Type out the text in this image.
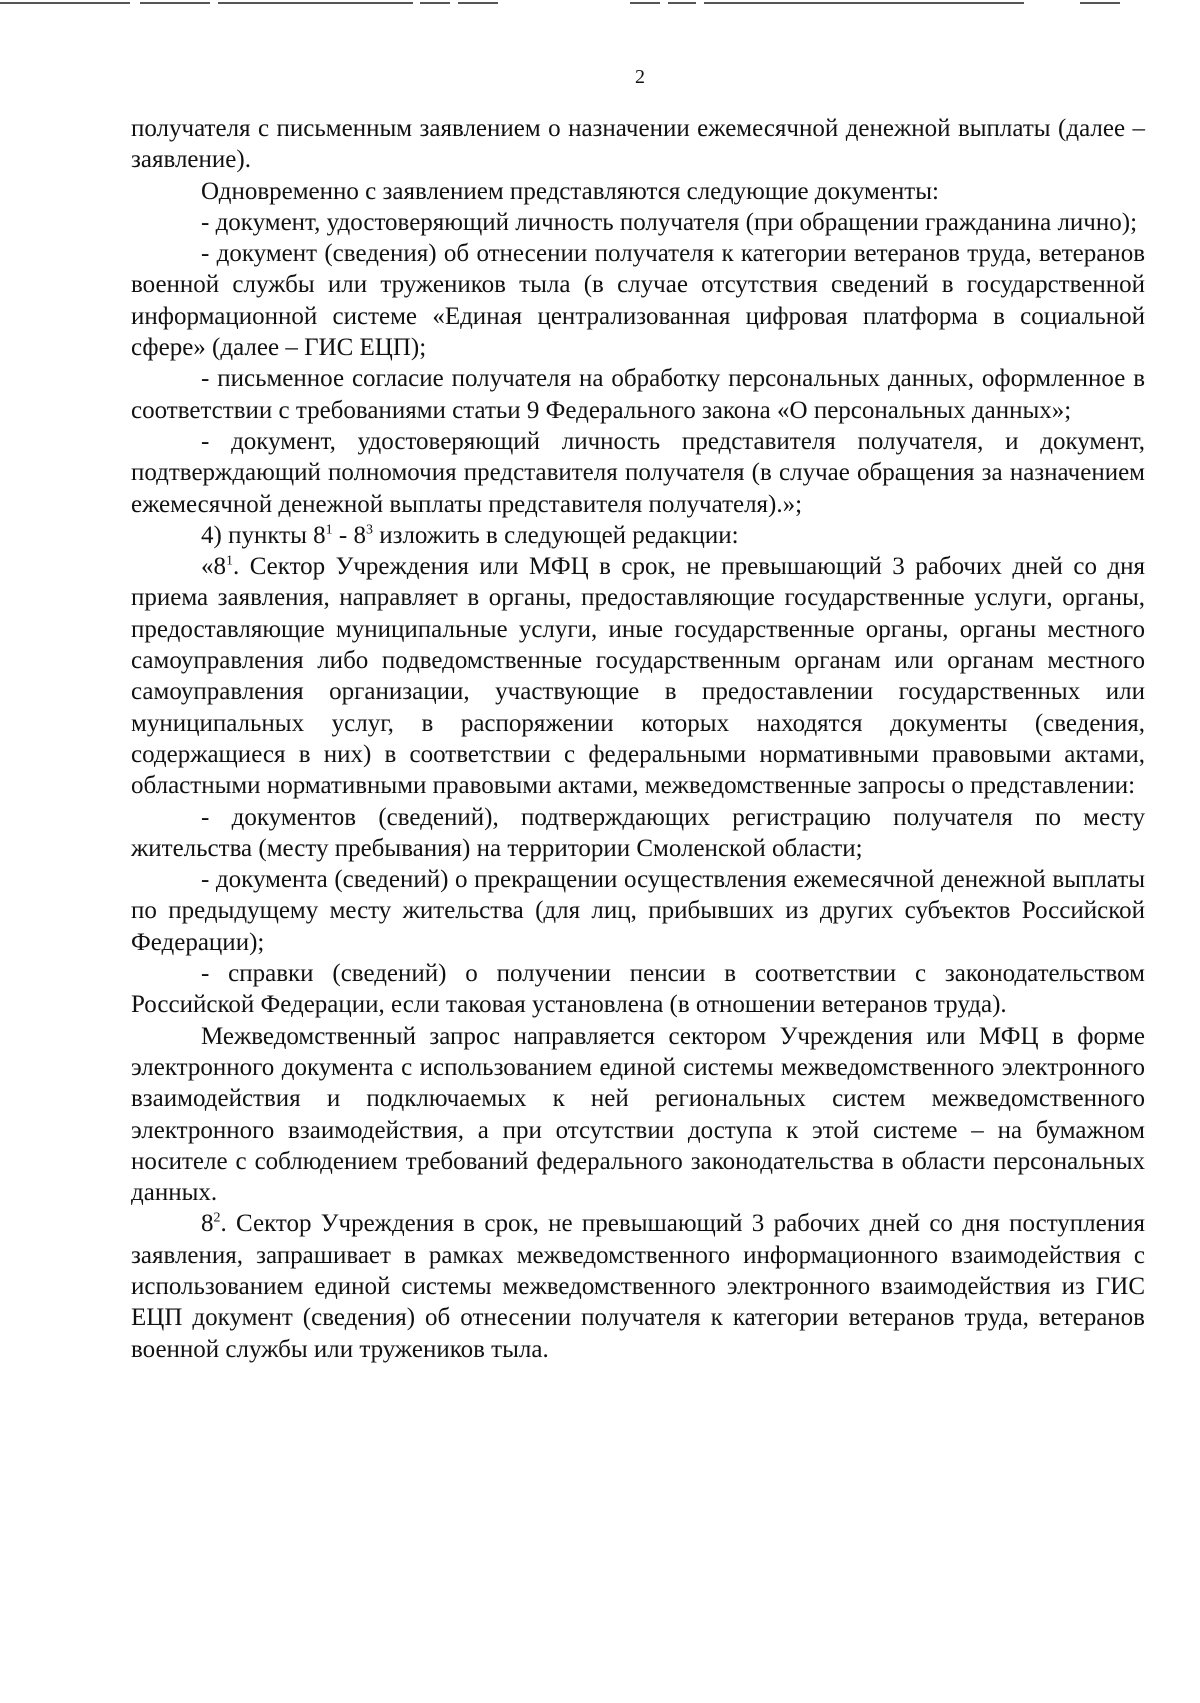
2

получателя с письменным заявлением о назначении ежемесячной денежной выплаты (далее – заявление).

Одновременно с заявлением представляются следующие документы:

- документ, удостоверяющий личность получателя (при обращении гражданина лично);

- документ (сведения) об отнесении получателя к категории ветеранов труда, ветеранов военной службы или тружеников тыла (в случае отсутствия сведений в государственной информационной системе «Единая централизованная цифровая платформа в социальной сфере» (далее – ГИС ЕЦП);

- письменное согласие получателя на обработку персональных данных, оформленное в соответствии с требованиями статьи 9 Федерального закона «О персональных данных»;

- документ, удостоверяющий личность представителя получателя, и документ, подтверждающий полномочия представителя получателя (в случае обращения за назначением ежемесячной денежной выплаты представителя получателя).»;

4) пункты $8^1 - 8^3$ изложить в следующей редакции:

«$8^1$. Сектор Учреждения или МФЦ в срок, не превышающий 3 рабочих дней со дня приема заявления, направляет в органы, предоставляющие государственные услуги, органы, предоставляющие муниципальные услуги, иные государственные органы, органы местного самоуправления либо подведомственные государственным органам или органам местного самоуправления организации, участвующие в предоставлении государственных или муниципальных услуг, в распоряжении которых находятся документы (сведения, содержащиеся в них) в соответствии с федеральными нормативными правовыми актами, областными нормативными правовыми актами, межведомственные запросы о представлении:

- документов (сведений), подтверждающих регистрацию получателя по месту жительства (месту пребывания) на территории Смоленской области;

- документа (сведений) о прекращении осуществления ежемесячной денежной выплаты по предыдущему месту жительства (для лиц, прибывших из других субъектов Российской Федерации);

- справки (сведений) о получении пенсии в соответствии с законодательством Российской Федерации, если таковая установлена (в отношении ветеранов труда).

Межведомственный запрос направляется сектором Учреждения или МФЦ в форме электронного документа с использованием единой системы межведомственного электронного взаимодействия и подключаемых к ней региональных систем межведомственного электронного взаимодействия, а при отсутствии доступа к этой системе – на бумажном носителе с соблюдением требований федерального законодательства в области персональных данных.

$8^2$. Сектор Учреждения в срок, не превышающий 3 рабочих дней со дня поступления заявления, запрашивает в рамках межведомственного информационного взаимодействия с использованием единой системы межведомственного электронного взаимодействия из ГИС ЕЦП документ (сведения) об отнесении получателя к категории ветеранов труда, ветеранов военной службы или тружеников тыла.
